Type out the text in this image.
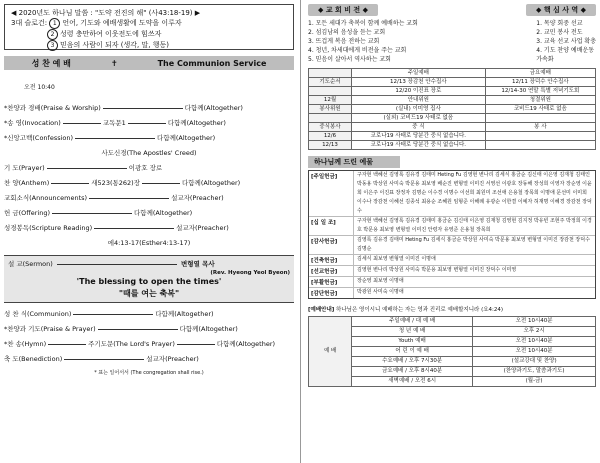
◀ 2020년도 하나님 말씀 : "도약 전진의 해" (사43:18-19) ▶
3대 슬로건: 1 언어, 기도와 예배생활에 도약을 이루자
2 성령 충만하여 이웃전도에 힘쓰자
3 믿음의 사람이 되자 (생각, 말, 행동)
성 찬 예 배	✝	The Communion Service
오전 10:40
*찬양과 경배(Praise & Worship)	다함께(Altogether)
*송 영(Invocation)	교독문1	다함께(Altogether)
*신앙고백(Confession)	다함께(Altogether)
사도신경(The Apostles' Creed)
기 도(Prayer)	이광호 장로
찬 양(Anthem)	새523(통262)장	다함께(Altogether)
교회소식(Announcements)	설교자(Preacher)
헌 금(Offering)	다함께(Altogether)
성경봉독(Scripture Reading)	설교자(Preacher)
에4:13-17(Esther4:13-17)
설 교(Sermon)	변형열 목사
(Rev. Hyeong Yeol Byeon)
'The blessing to open the times'
"때를 여는 축복"
성 찬 식(Communion)	다함께(Altogether)
*찬양과 기도(Praise & Prayer)	다함께(Altogether)
*찬 송(Hymn)	주기도문(The Lord's Prayer)	다함께(Altogether)
축 도(Benediction)	설교자(Preacher)
* 표는 일어서서 (The congregation shall rise.)
◆ 교 회 비 전 ◆	◆ 핵 심 사 역 ◆
1. 모든 세대가 축복이 함께 예배하는 교회
2. 섬김남의 음성을 듣는 교회
3. 뜨겁게 복음 전하는 교회
4. 청년, 차세대에게 비전을 주는 교회
5. 믿음이 살아서 역사하는 교회
1. 목양 회중 선교
2. 교민 봉사 전도
3. 교육 선교 사업 확충
4. 기도 찬양 예배운동
가속화
	주일예배	금요예배
기도순서	12/13 장감천 안수집사	12/11 장덕수 안수집사
	12/20 이진표 장로	12/14-30 연말 특별 저녁기도회
12월	안내위원	청결위원
봉사위원	(실내) 이미영 집사	코비드19 사태로 없음
	(실외) 코비드19 사태로 없음	
중식봉사	중 식	봉 사
12/6	코로나19 사태로 당분간 중식 없습니다.	
12/13	코로나19 사태로 당분간 중식 없습니다.	
하나님께 드린 예물
[주일헌금]	구자현 백혜선 김영록 김유경 김태미 Heting Fu 김영현 변나리 김세식 홍금순 김신태 이은영 김재청 김태인 박동용 박상원 사미숙 박문용 최보영 배순진 변형열 이미진 서영선 이광호 장동해 장성희 이영자 장순영 이윤희 이은주 이진표 장정자 김명순 이수경 이명수 이선희 최원미 조선애 은용철 장목희 이명애 문선미 이미희 이수나 장감천 이혜선 김종석 최용순 조혜원 임형준 이해례 유광순 이한결 이예자 허재명 이혜경 장감천 장덕수
[십 일 조]	구자현 백혜선 김영록 김유경 김태미 홍금순 김신태 이은영 김재청 김영현 김지정 박유빈 조현주 박정희 이경호 박문용 최보영 변형열 이미진 안령자 유영준 은용철 장목희
[감사헌금]	김영록 김유경 김태미 Heting Fu 김세식 홍금순 박상원 사미숙 박문용 최보영 변형열 이미진 장감천 장덕수 김명순
[건축헌금]	김세식 최보영 변형열 이미진 이명애
[선교헌금]	김영현 변나리 박상원 사미숙 박문용 최보영 변형열 이미진 장덕수 이미영
[부활헌금]	장순영 최보영 이명애
[감단헌금]	박광원 사미숙 이명애
[예배안내] 하나님은 영이시니 예배하는 자는 영과 진리로 예배할지니라 (요4:24)
예 배	주일예배 / 대 예 배	오전 10시40분
	청 년 예 배	오후 2시
	Youth 예배	오전 10시40분
	어 린 이 예 배	오전 10시40분
	수요예배 / 오후 7시30분	(설교강대 및 찬양)
	금요예배 / 오후 8시40분	(찬양과기도, 말씀과기도)
	새벽예배 / 오전 6시	(월-금)
